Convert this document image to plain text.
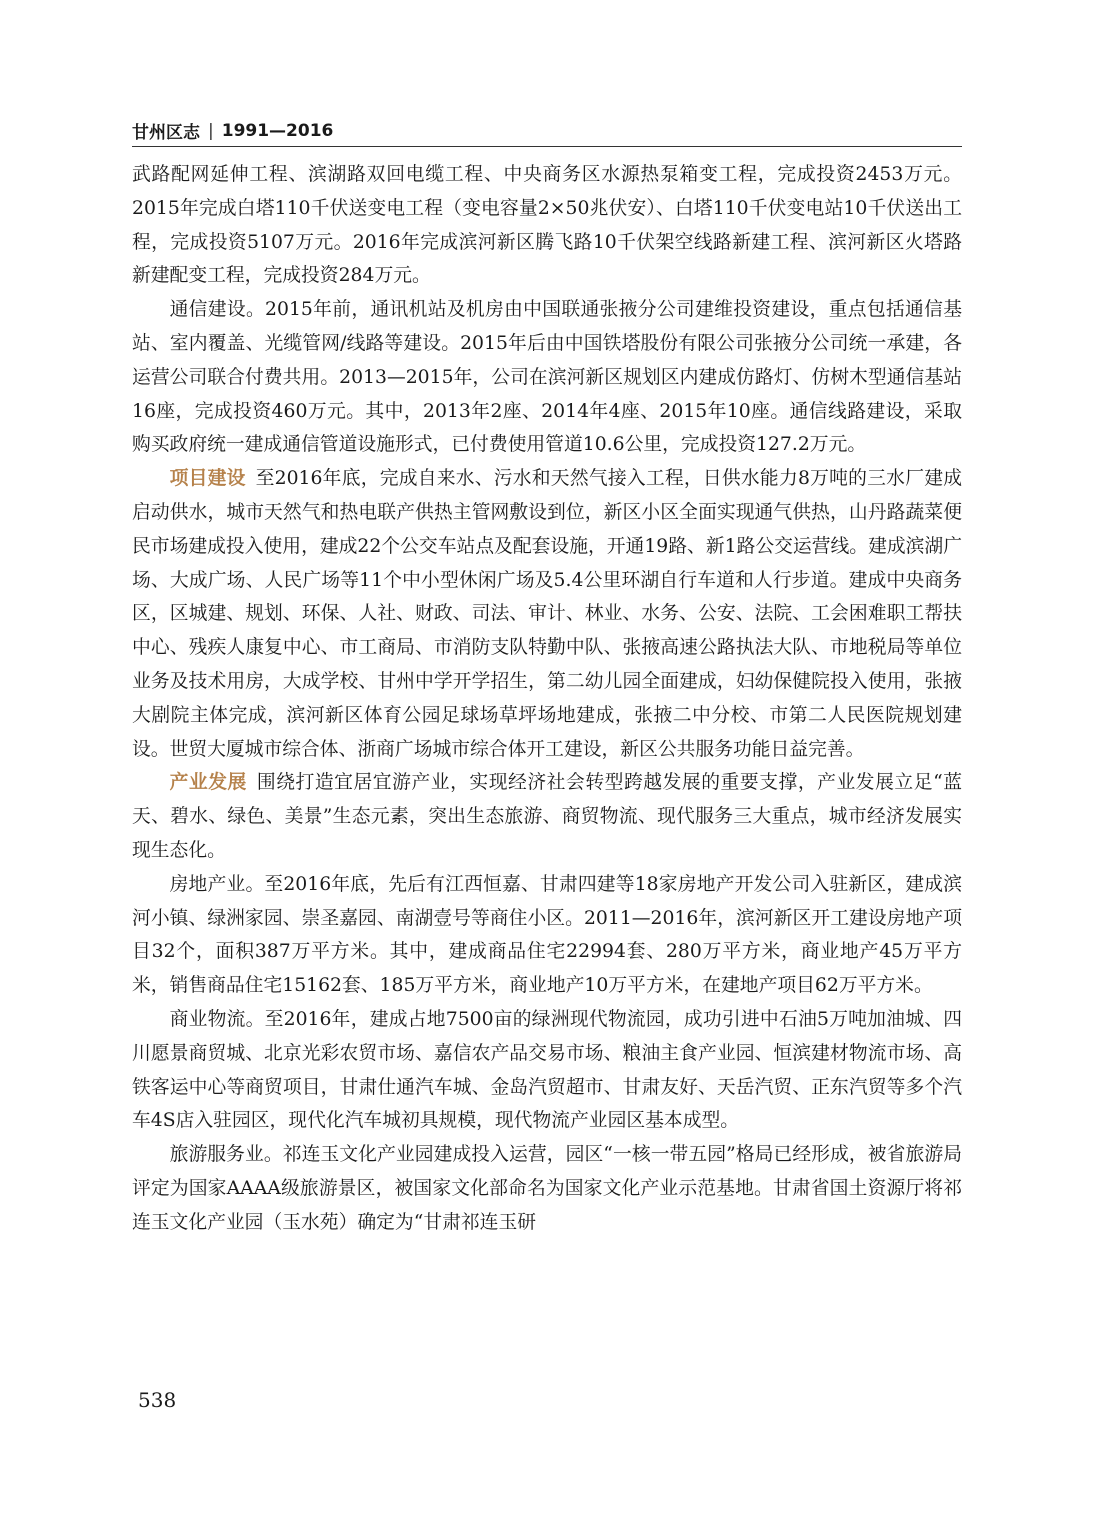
甘州区志 | 1991—2016

武路配网延伸工程、滨湖路双回电缆工程、中央商务区水源热泵箱变工程，完成投资2453万元。2015年完成白塔110千伏送变电工程（变电容量2×50兆伏安）、白塔110千伏变电站10千伏送出工程，完成投资5107万元。2016年完成滨河新区腾飞路10千伏架空线路新建工程、滨河新区火塔路新建配变工程，完成投资284万元。

通信建设。2015年前，通讯机站及机房由中国联通张掖分公司建维投资建设，重点包括通信基站、室内覆盖、光缆管网/线路等建设。2015年后由中国铁塔股份有限公司张掖分公司统一承建，各运营公司联合付费共用。2013—2015年，公司在滨河新区规划区内建成仿路灯、仿树木型通信基站16座，完成投资460万元。其中，2013年2座、2014年4座、2015年10座。通信线路建设，采取购买政府统一建成通信管道设施形式，已付费使用管道10.6公里，完成投资127.2万元。

项目建设 至2016年底，完成自来水、污水和天然气接入工程，日供水能力8万吨的三水厂建成启动供水，城市天然气和热电联产供热主管网敷设到位，新区小区全面实现通气供热，山丹路蔬菜便民市场建成投入使用，建成22个公交车站点及配套设施，开通19路、新1路公交运营线。建成滨湖广场、大成广场、人民广场等11个中小型休闲广场及5.4公里环湖自行车道和人行步道。建成中央商务区，区城建、规划、环保、人社、财政、司法、审计、林业、水务、公安、法院、工会困难职工帮扶中心、残疾人康复中心、市工商局、市消防支队特勤中队、张掖高速公路执法大队、市地税局等单位业务及技术用房，大成学校、甘州中学开学招生，第二幼儿园全面建成，妇幼保健院投入使用，张掖大剧院主体完成，滨河新区体育公园足球场草坪场地建成，张掖二中分校、市第二人民医院规划建设。世贸大厦城市综合体、浙商广场城市综合体开工建设，新区公共服务功能日益完善。

产业发展 围绕打造宜居宜游产业，实现经济社会转型跨越发展的重要支撑，产业发展立足“蓝天、碧水、绿色、美景”生态元素，突出生态旅游、商贸物流、现代服务三大重点，城市经济发展实现生态化。

房地产业。至2016年底，先后有江西恒嘉、甘肃四建等18家房地产开发公司入驻新区，建成滨河小镇、绿洲家园、崇圣嘉园、南湖壹号等商住小区。2011—2016年，滨河新区开工建设房地产项目32个，面积387万平方米。其中，建成商品住宅22994套、280万平方米，商业地产45万平方米，销售商品住宅15162套、185万平方米，商业地产10万平方米，在建地产项目62万平方米。

商业物流。至2016年，建成占地7500亩的绿洲现代物流园，成功引进中石油5万吨加油城、四川愿景商贸城、北京光彩农贸市场、嘉信农产品交易市场、粮油主食产业园、恒滨建材物流市场、高铁客运中心等商贸项目，甘肃仕通汽车城、金岛汽贸超市、甘肃友好、天岳汽贸、正东汽贸等多个汽车4S店入驻园区，现代化汽车城初具规模，现代物流产业园区基本成型。

旅游服务业。祁连玉文化产业园建成投入运营，园区“一核一带五园”格局已经形成，被省旅游局评定为国家AAAA级旅游景区，被国家文化部命名为国家文化产业示范基地。甘肃省国土资源厅将祁连玉文化产业园（玉水苑）确定为“甘肃祁连玉研

538
